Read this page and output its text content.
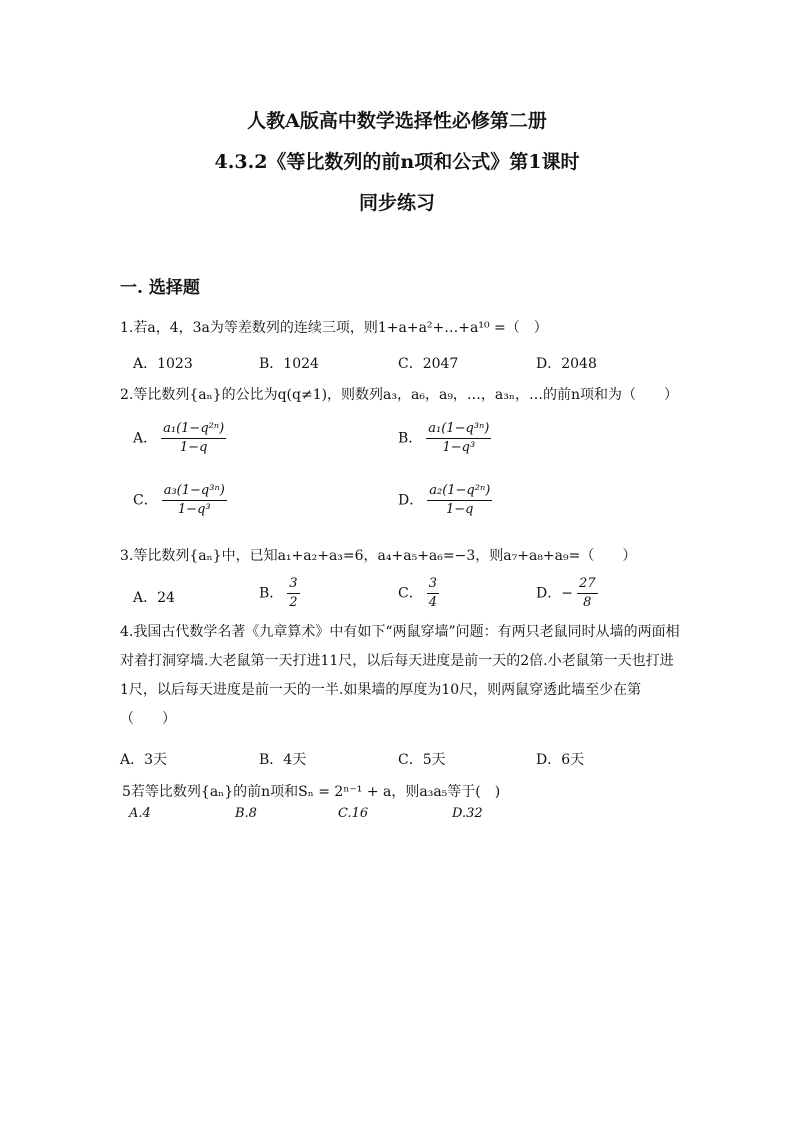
人教A版高中数学选择性必修第二册
4.3.2《等比数列的前n项和公式》第1课时
同步练习
一. 选择题
1.若a，4，3a为等差数列的连续三项，则1+a+a²+…+a¹⁰ =（　）
A．1023	B．1024	C．2047	D．2048
2.等比数列{aₙ}的公比为q(q≠1)，则数列a₃，a₆，a₉，…，a₃ₙ，…的前n项和为（　　）
A． $\frac{\text{a₁(1−q²ⁿ)}}{1-q}$	B． $\frac{\text{a₁(1−q³ⁿ)}}{\text{1−q³}}$
C． $\frac{\text{a₃(1−q³ⁿ)}}{\text{1−q³}}$	D． $\frac{\text{a₂(1−q²ⁿ)}}{1-q}$
3.等比数列{aₙ}中，已知a₁+a₂+a₃=6，a₄+a₅+a₆=−3，则a₇+a₈+a₉=（　　）
A．24	B． $\frac{3}{2}$	C． $\frac{3}{4}$	D．− $\frac{27}{8}$
4.我国古代数学名著《九章算术》中有如下“两鼠穿墙”问题：有两只老鼠同时从墙的两面相对着打洞穿墙.大老鼠第一天打进11尺，以后每天进度是前一天的2倍.小老鼠第一天也打进1尺，以后每天进度是前一天的一半.如果墙的厚度为10尺，则两鼠穿透此墙至少在第（　　）
A．3天	B．4天	C．5天	D．6天
5若等比数列{aₙ}的前n项和Sₙ = 2ⁿ⁻¹ + a，则a₃a₅等于(　)
A.4	B.8	C.16	D.32
